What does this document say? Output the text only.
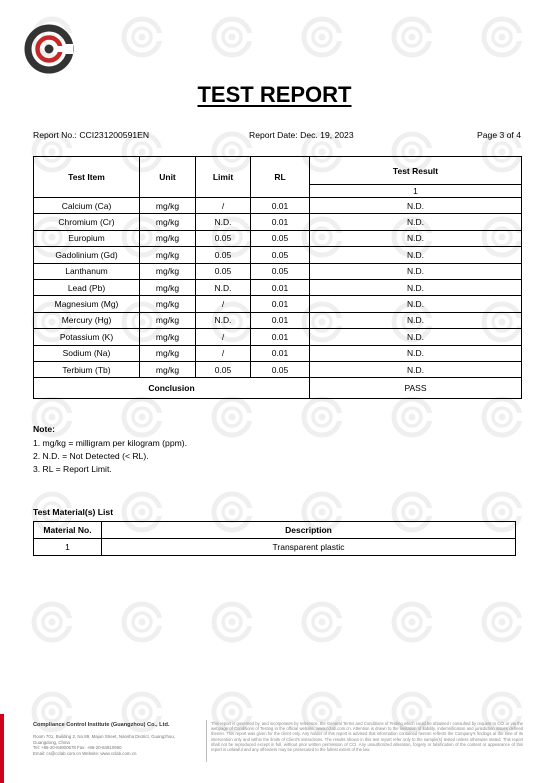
TEST REPORT
Report No.: CCI231200591EN	Report Date: Dec. 19, 2023	Page 3 of 4
Test Item	Unit	Limit	RL	Test Result
				1
Calcium (Ca)	mg/kg	/	0.01	N.D.
Chromium (Cr)	mg/kg	N.D.	0.01	N.D.
Europium	mg/kg	0.05	0.05	N.D.
Gadolinium (Gd)	mg/kg	0.05	0.05	N.D.
Lanthanum	mg/kg	0.05	0.05	N.D.
Lead (Pb)	mg/kg	N.D.	0.01	N.D.
Magnesium (Mg)	mg/kg	/	0.01	N.D.
Mercury (Hg)	mg/kg	N.D.	0.01	N.D.
Potassium (K)	mg/kg	/	0.01	N.D.
Sodium (Na)	mg/kg	/	0.01	N.D.
Terbium (Tb)	mg/kg	0.05	0.05	N.D.
Conclusion				PASS
Note:
1. mg/kg = milligram per kilogram (ppm).
2. N.D. = Not Detected (< RL).
3. RL = Report Limit.
Test Material(s) List
Material No.	Description
1	Transparent plastic
Compliance Control Institute (Guangzhou) Co., Ltd.
Room 701, Building 2, No.89, Majun Street, Nansha District, Guangzhou,
Guangdong, China
Tel: +86-20-84800678 Fax: +86-20-84810960
Email: cs@cclab.com.cn Website: www.cclab.com.cn
This report is governed by, and incorporates by reference, the General Terms and Conditions of Testing which could be obtained / consulted by request to CCI or via the webpage of Conditions of Testing in the official website: www.cclab.com.cn. Attention is drawn to the limitation of liability, indemnification and jurisdiction issues defined therein. This report was given for the client only. Any holder of this report is advised that information contained hereon reflects the Company's findings at the time of its intervention only and within the limits of Client's instructions. The results shown in this test report refer only to the sample(s) tested unless otherwise stated. This report shall not be reproduced except in full, without prior written permission of CCI. Any unauthorized alteration, forgery or falsification of the content or appearance of this report is unlawful and any offenders may be prosecuted to the fullest extent of the law.
